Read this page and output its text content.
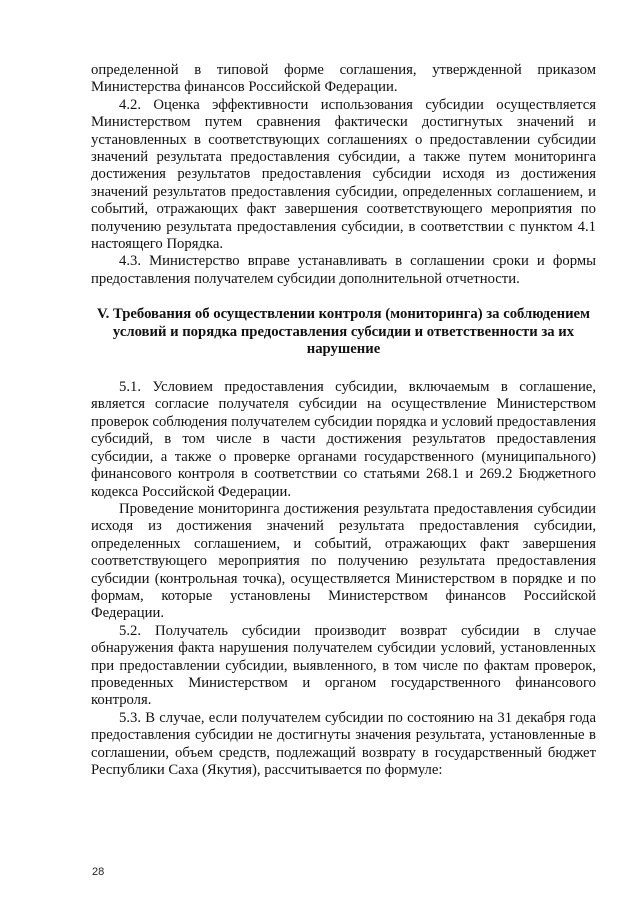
определенной в типовой форме соглашения, утвержденной приказом Министерства финансов Российской Федерации.

4.2. Оценка эффективности использования субсидии осуществляется Министерством путем сравнения фактически достигнутых значений и установленных в соответствующих соглашениях о предоставлении субсидии значений результата предоставления субсидии, а также путем мониторинга достижения результатов предоставления субсидии исходя из достижения значений результатов предоставления субсидии, определенных соглашением, и событий, отражающих факт завершения соответствующего мероприятия по получению результата предоставления субсидии, в соответствии с пунктом 4.1 настоящего Порядка.

4.3. Министерство вправе устанавливать в соглашении сроки и формы предоставления получателем субсидии дополнительной отчетности.

V. Требования об осуществлении контроля (мониторинга) за соблюдением условий и порядка предоставления субсидии и ответственности за их нарушение

5.1. Условием предоставления субсидии, включаемым в соглашение, является согласие получателя субсидии на осуществление Министерством проверок соблюдения получателем субсидии порядка и условий предоставления субсидий, в том числе в части достижения результатов предоставления субсидии, а также о проверке органами государственного (муниципального) финансового контроля в соответствии со статьями 268.1 и 269.2 Бюджетного кодекса Российской Федерации.

Проведение мониторинга достижения результата предоставления субсидии исходя из достижения значений результата предоставления субсидии, определенных соглашением, и событий, отражающих факт завершения соответствующего мероприятия по получению результата предоставления субсидии (контрольная точка), осуществляется Министерством в порядке и по формам, которые установлены Министерством финансов Российской Федерации.

5.2. Получатель субсидии производит возврат субсидии в случае обнаружения факта нарушения получателем субсидии условий, установленных при предоставлении субсидии, выявленного, в том числе по фактам проверок, проведенных Министерством и органом государственного финансового контроля.

5.3. В случае, если получателем субсидии по состоянию на 31 декабря года предоставления субсидии не достигнуты значения результата, установленные в соглашении, объем средств, подлежащий возврату в государственный бюджет Республики Саха (Якутия), рассчитывается по формуле:

28
